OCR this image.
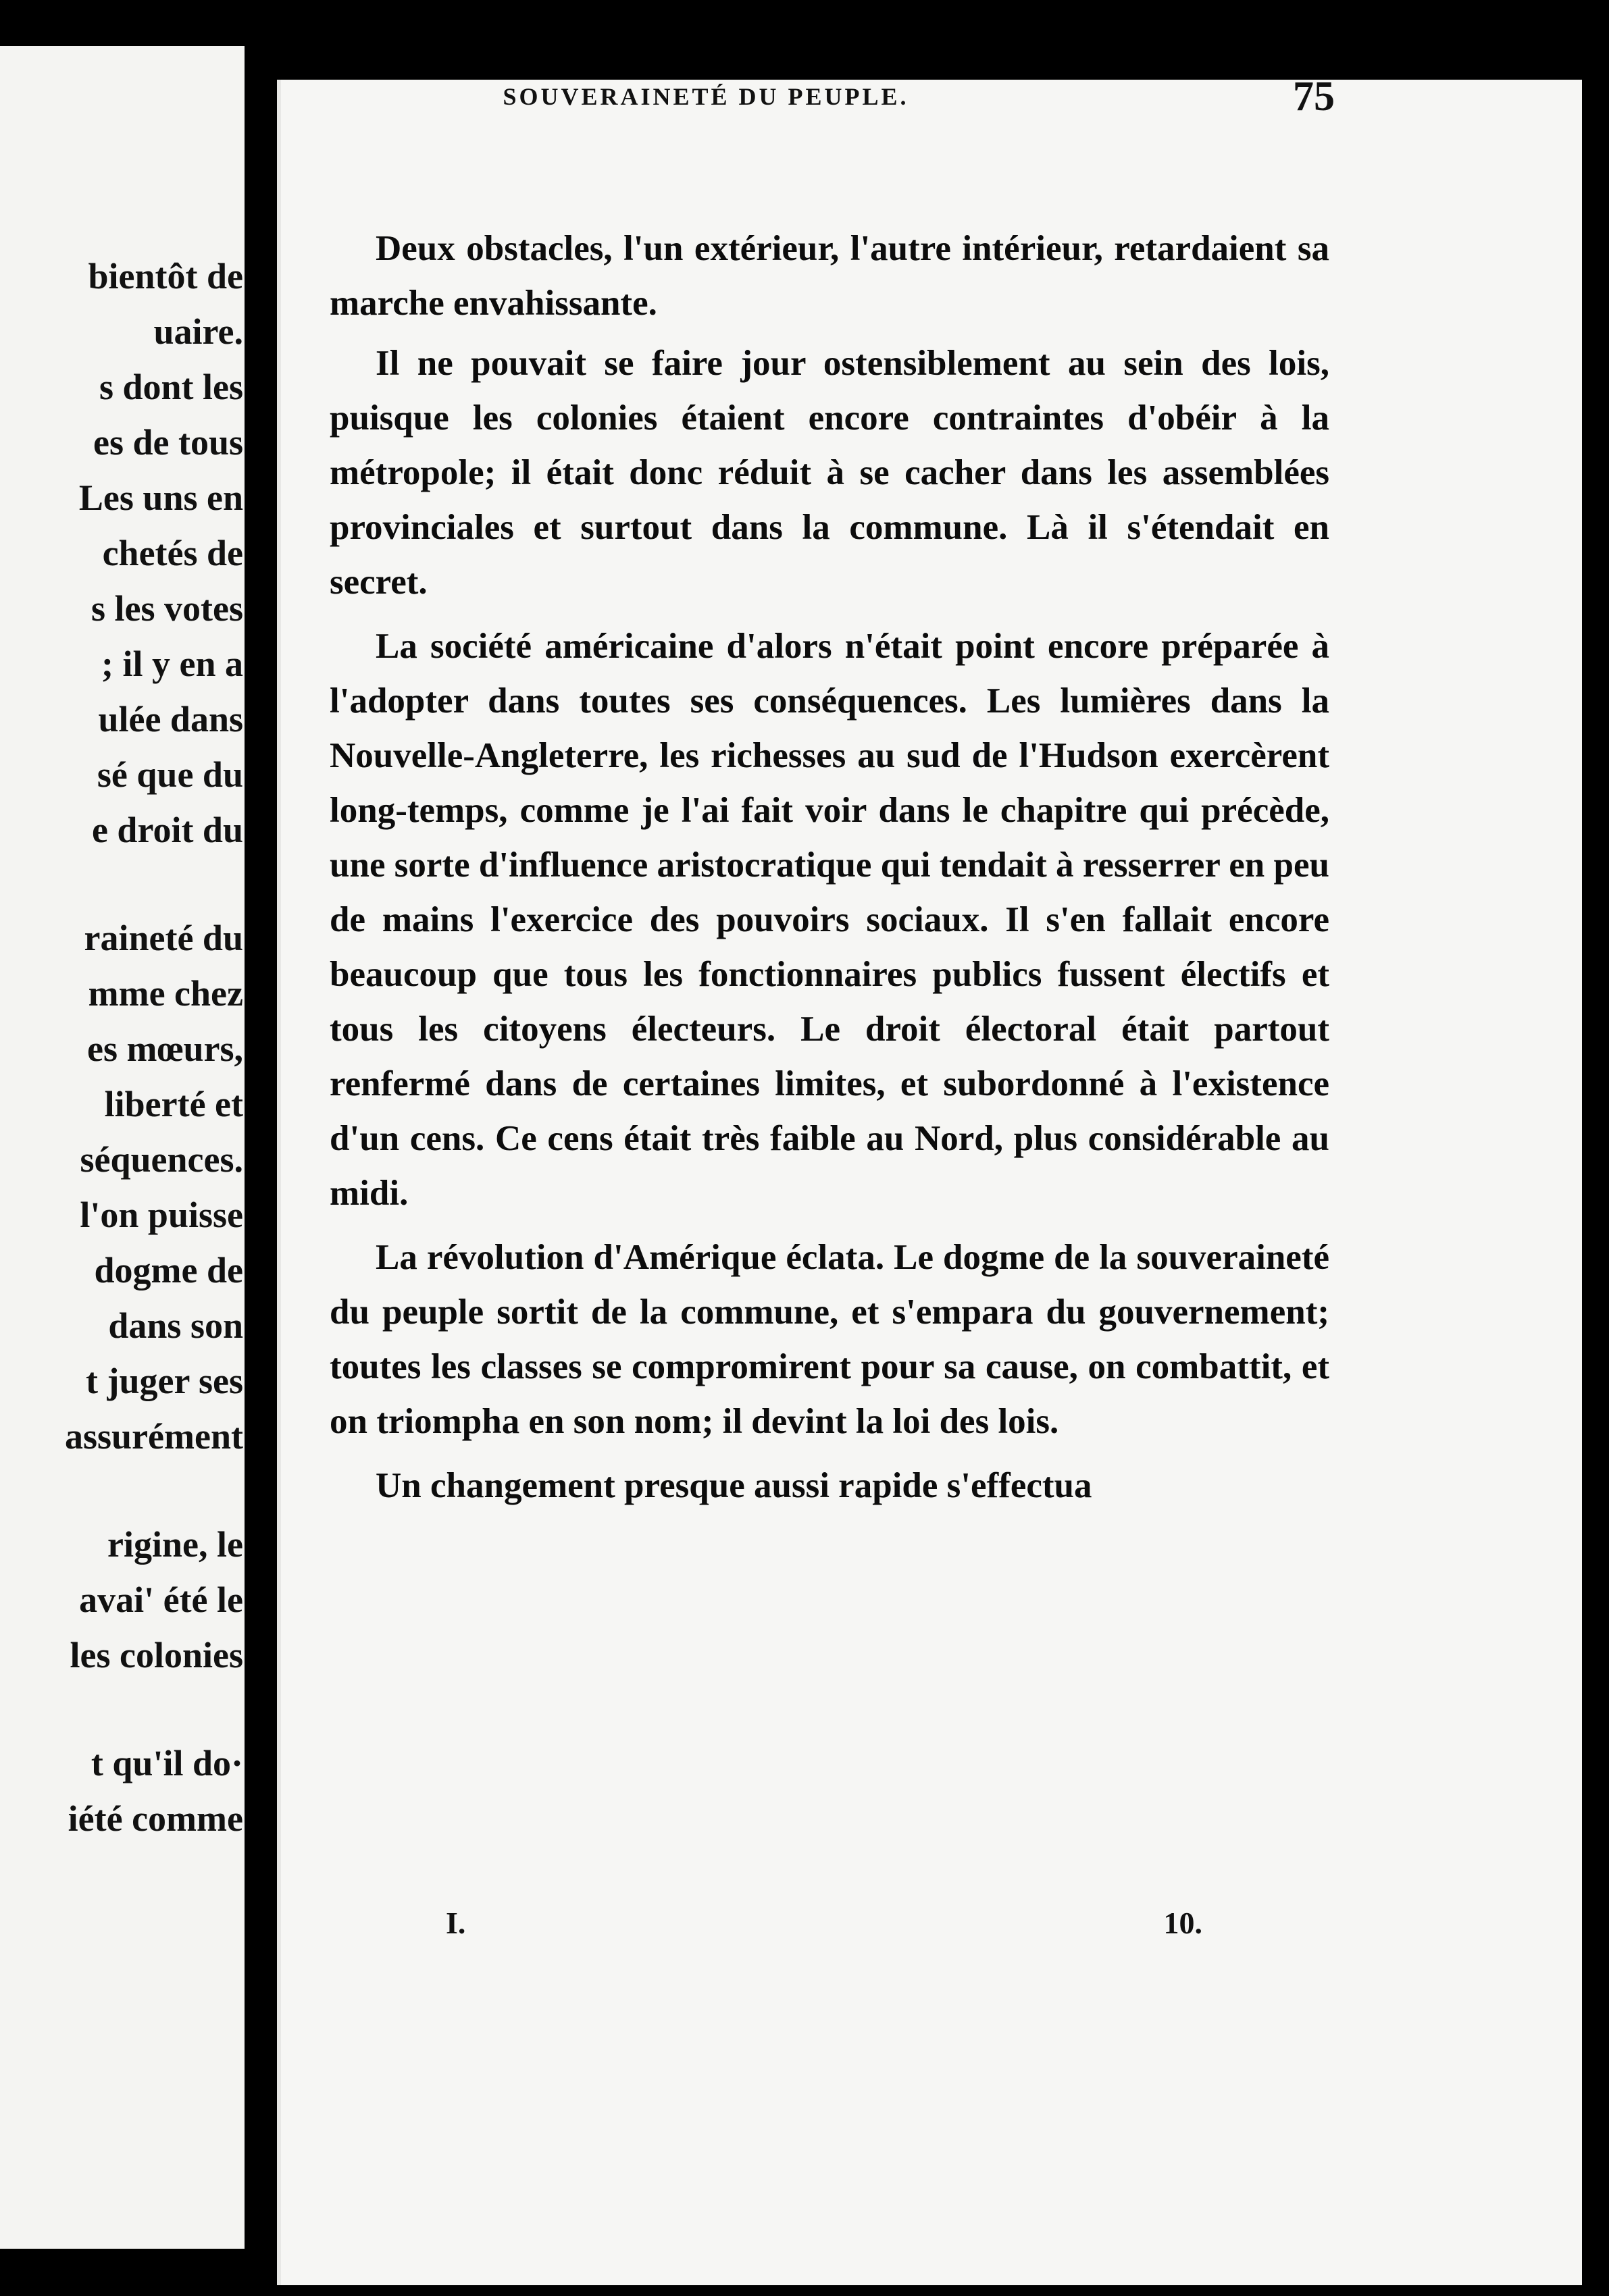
bientôt de
uaire.
s dont les
es de tous
Les uns en
chetés de
s les votes
; il y en a
ulée dans
sé que du
e droit du
raineté du
mme chez
es mœurs,
liberté et
séquences.
l'on puisse
dogme de
dans son
t juger ses
assurément
rigine, le
avai' été le
les colonies
t qu'il do·
iété comme
SOUVERAINETÉ DU PEUPLE.	75

Deux obstacles, l'un extérieur, l'autre intérieur, retardaient sa marche envahissante.

Il ne pouvait se faire jour ostensiblement au sein des lois, puisque les colonies étaient encore contraintes d'obéir à la métropole; il était donc réduit à se cacher dans les assemblées provinciales et surtout dans la commune. Là il s'étendait en secret.

La société américaine d'alors n'était point encore préparée à l'adopter dans toutes ses conséquences. Les lumières dans la Nouvelle-Angleterre, les richesses au sud de l'Hudson exercèrent long-temps, comme je l'ai fait voir dans le chapitre qui précède, une sorte d'influence aristocratique qui tendait à resserrer en peu de mains l'exercice des pouvoirs sociaux. Il s'en fallait encore beaucoup que tous les fonctionnaires publics fussent électifs et tous les citoyens électeurs. Le droit électoral était partout renfermé dans de certaines limites, et subordonné à l'existence d'un cens. Ce cens était très faible au Nord, plus considérable au midi.

La révolution d'Amérique éclata. Le dogme de la souveraineté du peuple sortit de la commune, et s'empara du gouvernement; toutes les classes se compromirent pour sa cause, on combattit, et on triompha en son nom; il devint la loi des lois.

Un changement presque aussi rapide s'effectua

I.	10.
